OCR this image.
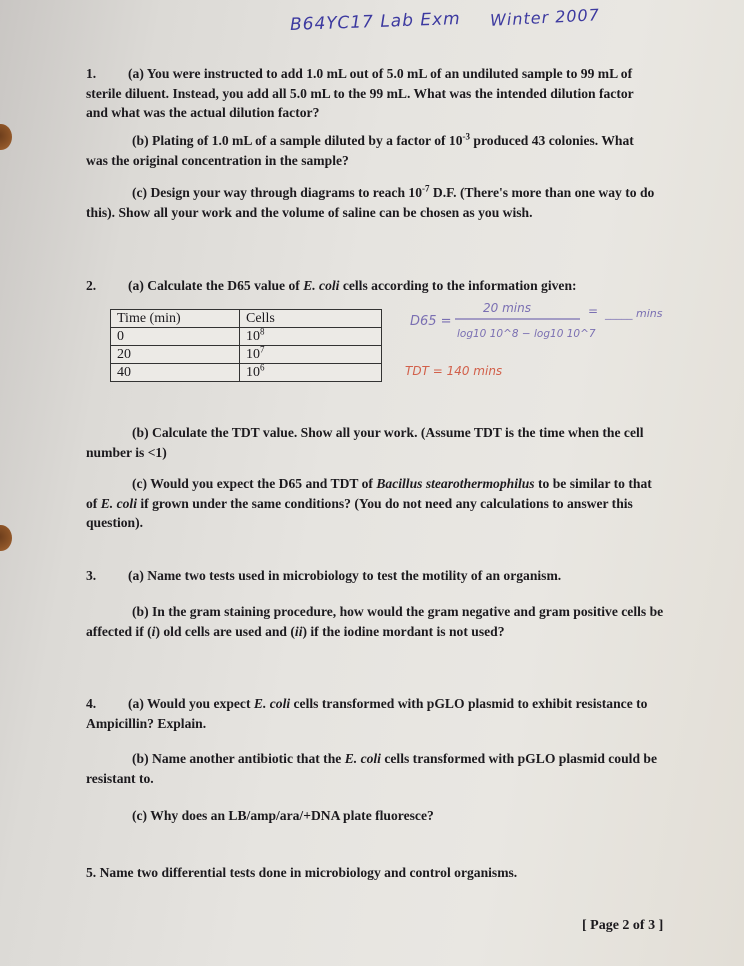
B64YC17 Lab Exm Winter 2007
1. (a) You were instructed to add 1.0 mL out of 5.0 mL of an undiluted sample to 99 mL of sterile diluent. Instead, you add all 5.0 mL to the 99 mL. What was the intended dilution factor and what was the actual dilution factor?
(b) Plating of 1.0 mL of a sample diluted by a factor of $10^{-3}$ produced 43 colonies. What was the original concentration in the sample?
(c) Design your way through diagrams to reach $10^{-7}$ D.F. (There's more than one way to do this). Show all your work and the volume of saline can be chosen as you wish.
2. (a) Calculate the D65 value of E. coli cells according to the information given:
Time (min)	Cells
0	$10^8$
20	$10^7$
40	$10^6$
D65 =
20 mins
log10 10^8 − log10 10^7
= _____ mins
TDT = 140 mins
(b) Calculate the TDT value. Show all your work. (Assume TDT is the time when the cell number is <1)
(c) Would you expect the D65 and TDT of Bacillus stearothermophilus to be similar to that of E. coli if grown under the same conditions? (You do not need any calculations to answer this question).
3. (a) Name two tests used in microbiology to test the motility of an organism.
(b) In the gram staining procedure, how would the gram negative and gram positive cells be affected if (i) old cells are used and (ii) if the iodine mordant is not used?
4. (a) Would you expect E. coli cells transformed with pGLO plasmid to exhibit resistance to Ampicillin? Explain.
(b) Name another antibiotic that the E. coli cells transformed with pGLO plasmid could be resistant to.
(c) Why does an LB/amp/ara/+DNA plate fluoresce?
5. Name two differential tests done in microbiology and control organisms.
[ Page 2 of 3 ]
